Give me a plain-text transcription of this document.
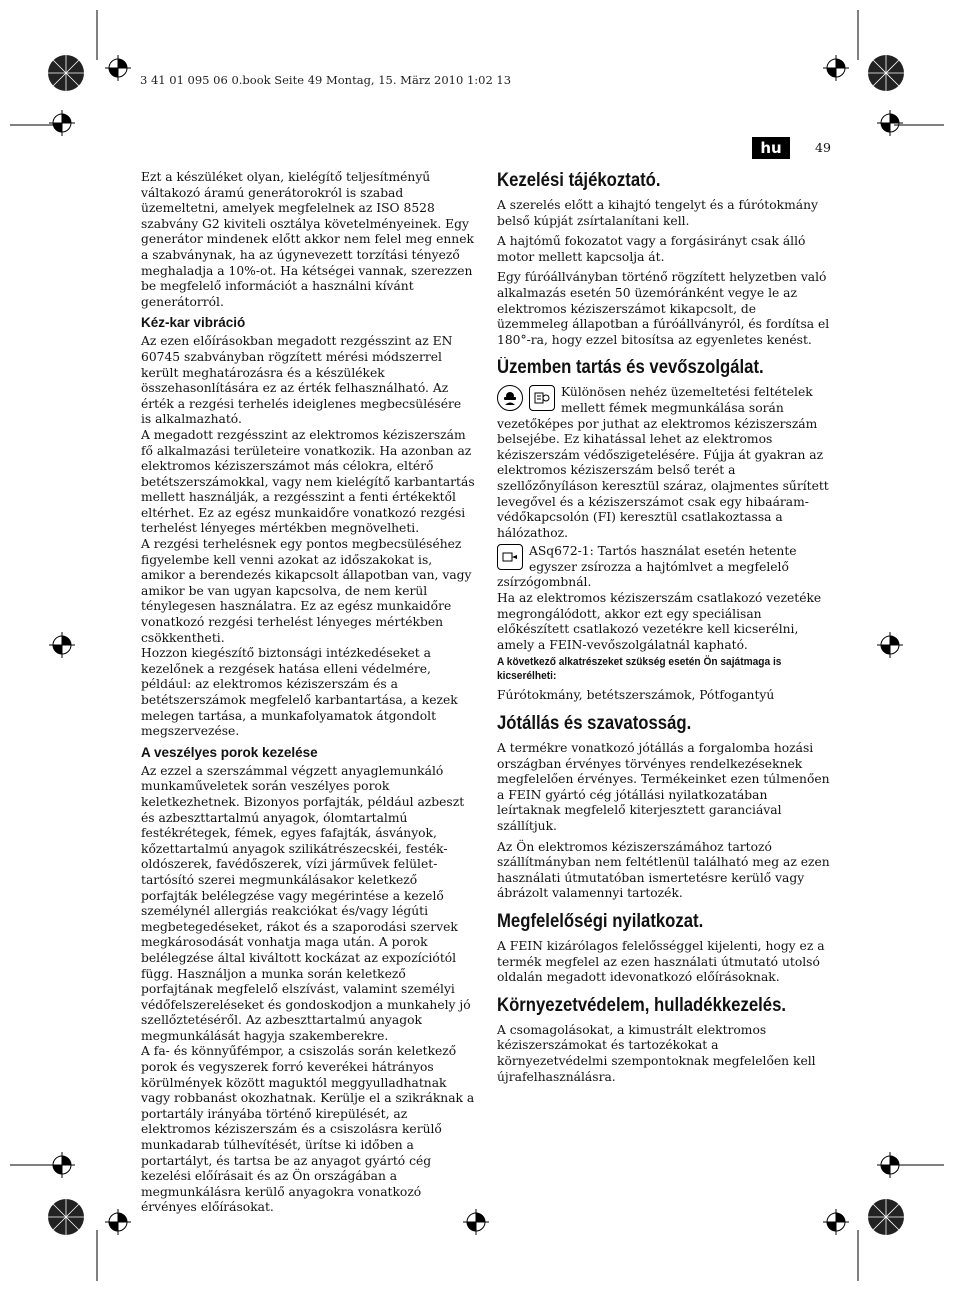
3 41 01 095 06 0.book Seite 49 Montag, 15. März 2010 1:02 13
hu	49

Ezt a készüléket olyan, kielégítő teljesítményű váltakozó áramú generátorokról is szabad üzemeltetni, amelyek megfelelnek az ISO 8528 szabvány G2 kiviteli osztálya követelményeinek. Egy generátor mindenek előtt akkor nem felel meg ennek a szabványnak, ha az úgynevezett torzítási tényező meghaladja a 10%-ot. Ha kétségei vannak, szerezzen be megfelelő információt a használni kívánt generátorról.

Kéz-kar vibráció

Az ezen előírásokban megadott rezgésszint az EN 60745 szabványban rögzített mérési módszerrel került meghatározásra és a készülékek összehasonlítására ez az érték felhasználható. Az érték a rezgési terhelés ideiglenes megbecsülésére is alkalmazható.

A megadott rezgésszint az elektromos kéziszerszám fő alkalmazási területeire vonatkozik. Ha azonban az elektromos kéziszerszámot más célokra, eltérő betétszerszámokkal, vagy nem kielégítő karbantartás mellett használják, a rezgésszint a fenti értékektől eltérhet. Ez az egész munkaidőre vonatkozó rezgési terhelést lényeges mértékben megnövelheti.

A rezgési terhelésnek egy pontos megbecsüléséhez figyelembe kell venni azokat az időszakokat is, amikor a berendezés kikapcsolt állapotban van, vagy amikor be van ugyan kapcsolva, de nem kerül ténylegesen használatra. Ez az egész munkaidőre vonatkozó rezgési terhelést lényeges mértékben csökkentheti.

Hozzon kiegészítő biztonsági intézkedéseket a kezelőnek a rezgések hatása elleni védelmére, például: az elektromos kéziszerszám és a betétszerszámok megfelelő karbantartása, a kezek melegen tartása, a munkafolyamatok átgondolt megszervezése.

A veszélyes porok kezelése

Az ezzel a szerszámmal végzett anyaglemunkáló munkaműveletek során veszélyes porok keletkezhetnek. Bizonyos porfajták, például azbeszt és azbeszttartalmú anyagok, ólomtartalmú festékrétegek, fémek, egyes fafajták, ásványok, kőzettartalmú anyagok szilikátrészecskéi, festék-oldószerek, favédőszerek, vízi járművek felület-tartósító szerei megmunkálásakor keletkező porfajták belélegzése vagy megérintése a kezelő személynél allergiás reakciókat és/vagy légúti megbetegedéseket, rákot és a szaporodási szervek megkárosodását vonhatja maga után. A porok belélegzése által kiváltott kockázat az expozíciótól függ. Használjon a munka során keletkező porfajtának megfelelő elszívást, valamint személyi védőfelszereléseket és gondoskodjon a munkahely jó szellőztetéséről. Az azbeszttartalmú anyagok megmunkálását hagyja szakemberekre.

A fa- és könnyűfémpor, a csiszolás során keletkező porok és vegyszerek forró keverékei hátrányos körülmények között maguktól meggyulladhatnak vagy robbanást okozhatnak. Kerülje el a szikráknak a portartály irányába történő kirepülését, az elektromos kéziszerszám és a csiszolásra kerülő munkadarab túlhevítését, ürítse ki időben a portartályt, és tartsa be az anyagot gyártó cég kezelési előírásait és az Ön országában a megmunkálásra kerülő anyagokra vonatkozó érvényes előírásokat.

Kezelési tájékoztató.

A szerelés előtt a kihajtó tengelyt és a fúrótokmány belső kúpját zsírtalanítani kell.

A hajtómű fokozatot vagy a forgásirányt csak álló motor mellett kapcsolja át.

Egy fúróállványban történő rögzített helyzetben való alkalmazás esetén 50 üzemóránként vegye le az elektromos kéziszerszámot kikapcsolt, de üzemmeleg állapotban a fúróállványról, és fordítsa el 180°-ra, hogy ezzel bitosítsa az egyenletes kenést.

Üzemben tartás és vevőszolgálat.

Különösen nehéz üzemeltetési feltételek mellett fémek megmunkálása során vezetőképes por juthat az elektromos kéziszerszám belsejébe. Ez kihatással lehet az elektromos kéziszerszám védőszigetelésére. Fújja át gyakran az elektromos kéziszerszám belső terét a szellőzőnyíláson keresztül száraz, olajmentes sűrített levegővel és a kéziszerszámot csak egy hibaáram-védőkapcsolón (FI) keresztül csatlakoztassa a hálózathoz.

ASq672-1: Tartós használat esetén hetente egyszer zsírozza a hajtómlvet a megfelelő zsírzógombnál.

Ha az elektromos kéziszerszám csatlakozó vezetéke megrongálódott, akkor ezt egy speciálisan előkészített csatlakozó vezetékre kell kicserélni, amely a FEIN-vevőszolgálatnál kapható.

A következő alkatrészeket szükség esetén Ön sajátmaga is kicserélheti:

Fúrótokmány, betétszerszámok, Pótfogantyú

Jótállás és szavatosság.

A termékre vonatkozó jótállás a forgalomba hozási országban érvényes törvényes rendelkezéseknek megfelelően érvényes. Termékeinket ezen túlmenően a FEIN gyártó cég jótállási nyilatkozatában leírtaknak megfelelő kiterjesztett garanciával szállítjuk.

Az Ön elektromos kéziszerszámához tartozó szállítmányban nem feltétlenül található meg az ezen használati útmutatóban ismertetésre kerülő vagy ábrázolt valamennyi tartozék.

Megfelelőségi nyilatkozat.

A FEIN kizárólagos felelősséggel kijelenti, hogy ez a termék megfelel az ezen használati útmutató utolsó oldalán megadott idevonatkozó előírásoknak.

Környezetvédelem, hulladékkezelés.

A csomagolásokat, a kimustrált elektromos kéziszerszámokat és tartozékokat a környezetvédelmi szempontoknak megfelelően kell újrafelhasználásra.
